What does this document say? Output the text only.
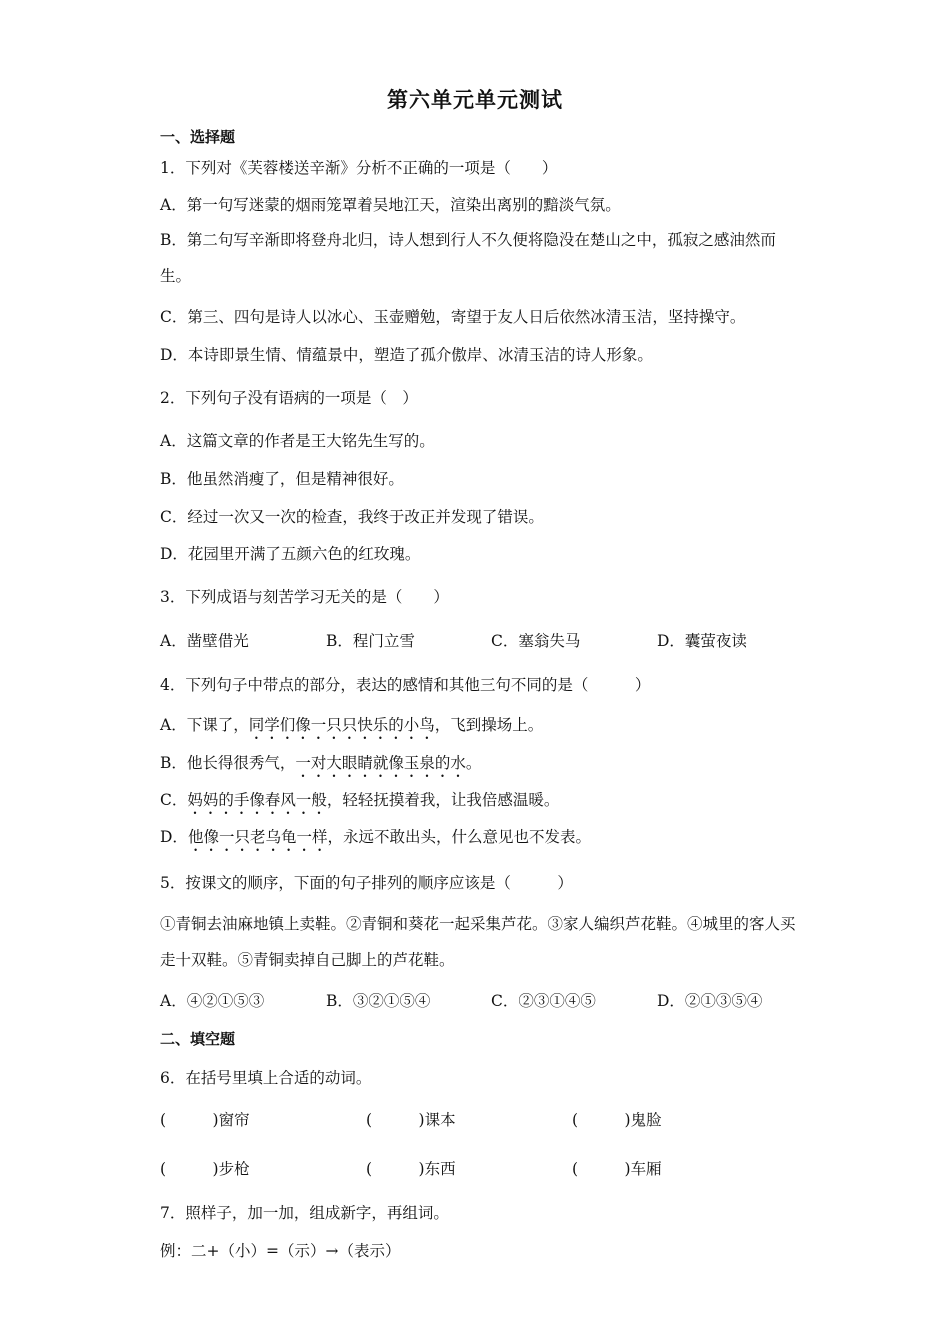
第六单元单元测试
一、选择题
1．下列对《芙蓉楼送辛渐》分析不正确的一项是（　　）
A．第一句写迷蒙的烟雨笼罩着吴地江天，渲染出离别的黯淡气氛。
B．第二句写辛渐即将登舟北归，诗人想到行人不久便将隐没在楚山之中，孤寂之感油然而生。
C．第三、四句是诗人以冰心、玉壶赠勉，寄望于友人日后依然冰清玉洁，坚持操守。
D．本诗即景生情、情蕴景中，塑造了孤介傲岸、冰清玉洁的诗人形象。
2．下列句子没有语病的一项是（　）
A．这篇文章的作者是王大铭先生写的。
B．他虽然消瘦了，但是精神很好。
C．经过一次又一次的检查，我终于改正并发现了错误。
D．花园里开满了五颜六色的红玫瑰。
3．下列成语与刻苦学习无关的是（　　）
A．凿壁借光	B．程门立雪	C．塞翁失马	D．囊萤夜读
4．下列句子中带点的部分，表达的感情和其他三句不同的是（　　　）
A．下课了，同学们像一只只快乐的小鸟，飞到操场上。
B．他长得很秀气，一对大眼睛就像玉泉的水。
C．妈妈的手像春风一般，轻轻抚摸着我，让我倍感温暖。
D．他像一只老乌龟一样，永远不敢出头，什么意见也不发表。
5．按课文的顺序，下面的句子排列的顺序应该是（　　　）
①青铜去油麻地镇上卖鞋。②青铜和葵花一起采集芦花。③家人编织芦花鞋。④城里的客人买走十双鞋。⑤青铜卖掉自己脚上的芦花鞋。
A．④②①⑤③	B．③②①⑤④	C．②③①④⑤	D．②①③⑤④
二、填空题
6．在括号里填上合适的动词。
(　　　)窗帘	(　　　)课本	(　　　)鬼脸
(　　　)步枪	(　　　)东西	(　　　)车厢
7．照样子，加一加，组成新字，再组词。
例：二+（小）=（示）→（表示）
